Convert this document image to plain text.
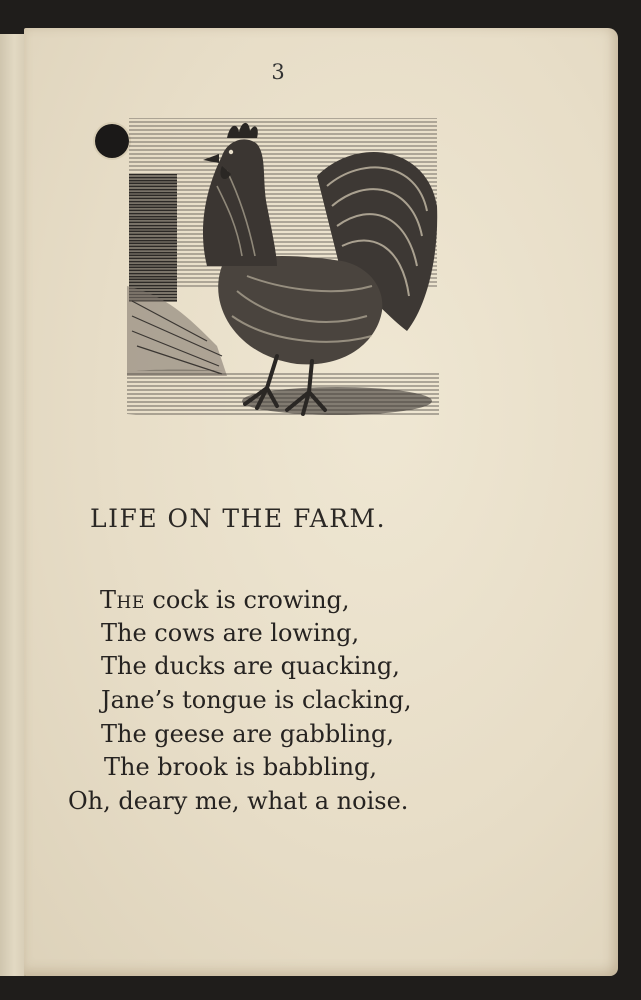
3
LIFE ON THE FARM.
The cock is crowing,
The cows are lowing,
The ducks are quacking,
Jane’s tongue is clacking,
The geese are gabbling,
The brook is babbling,
Oh, deary me, what a noise.
